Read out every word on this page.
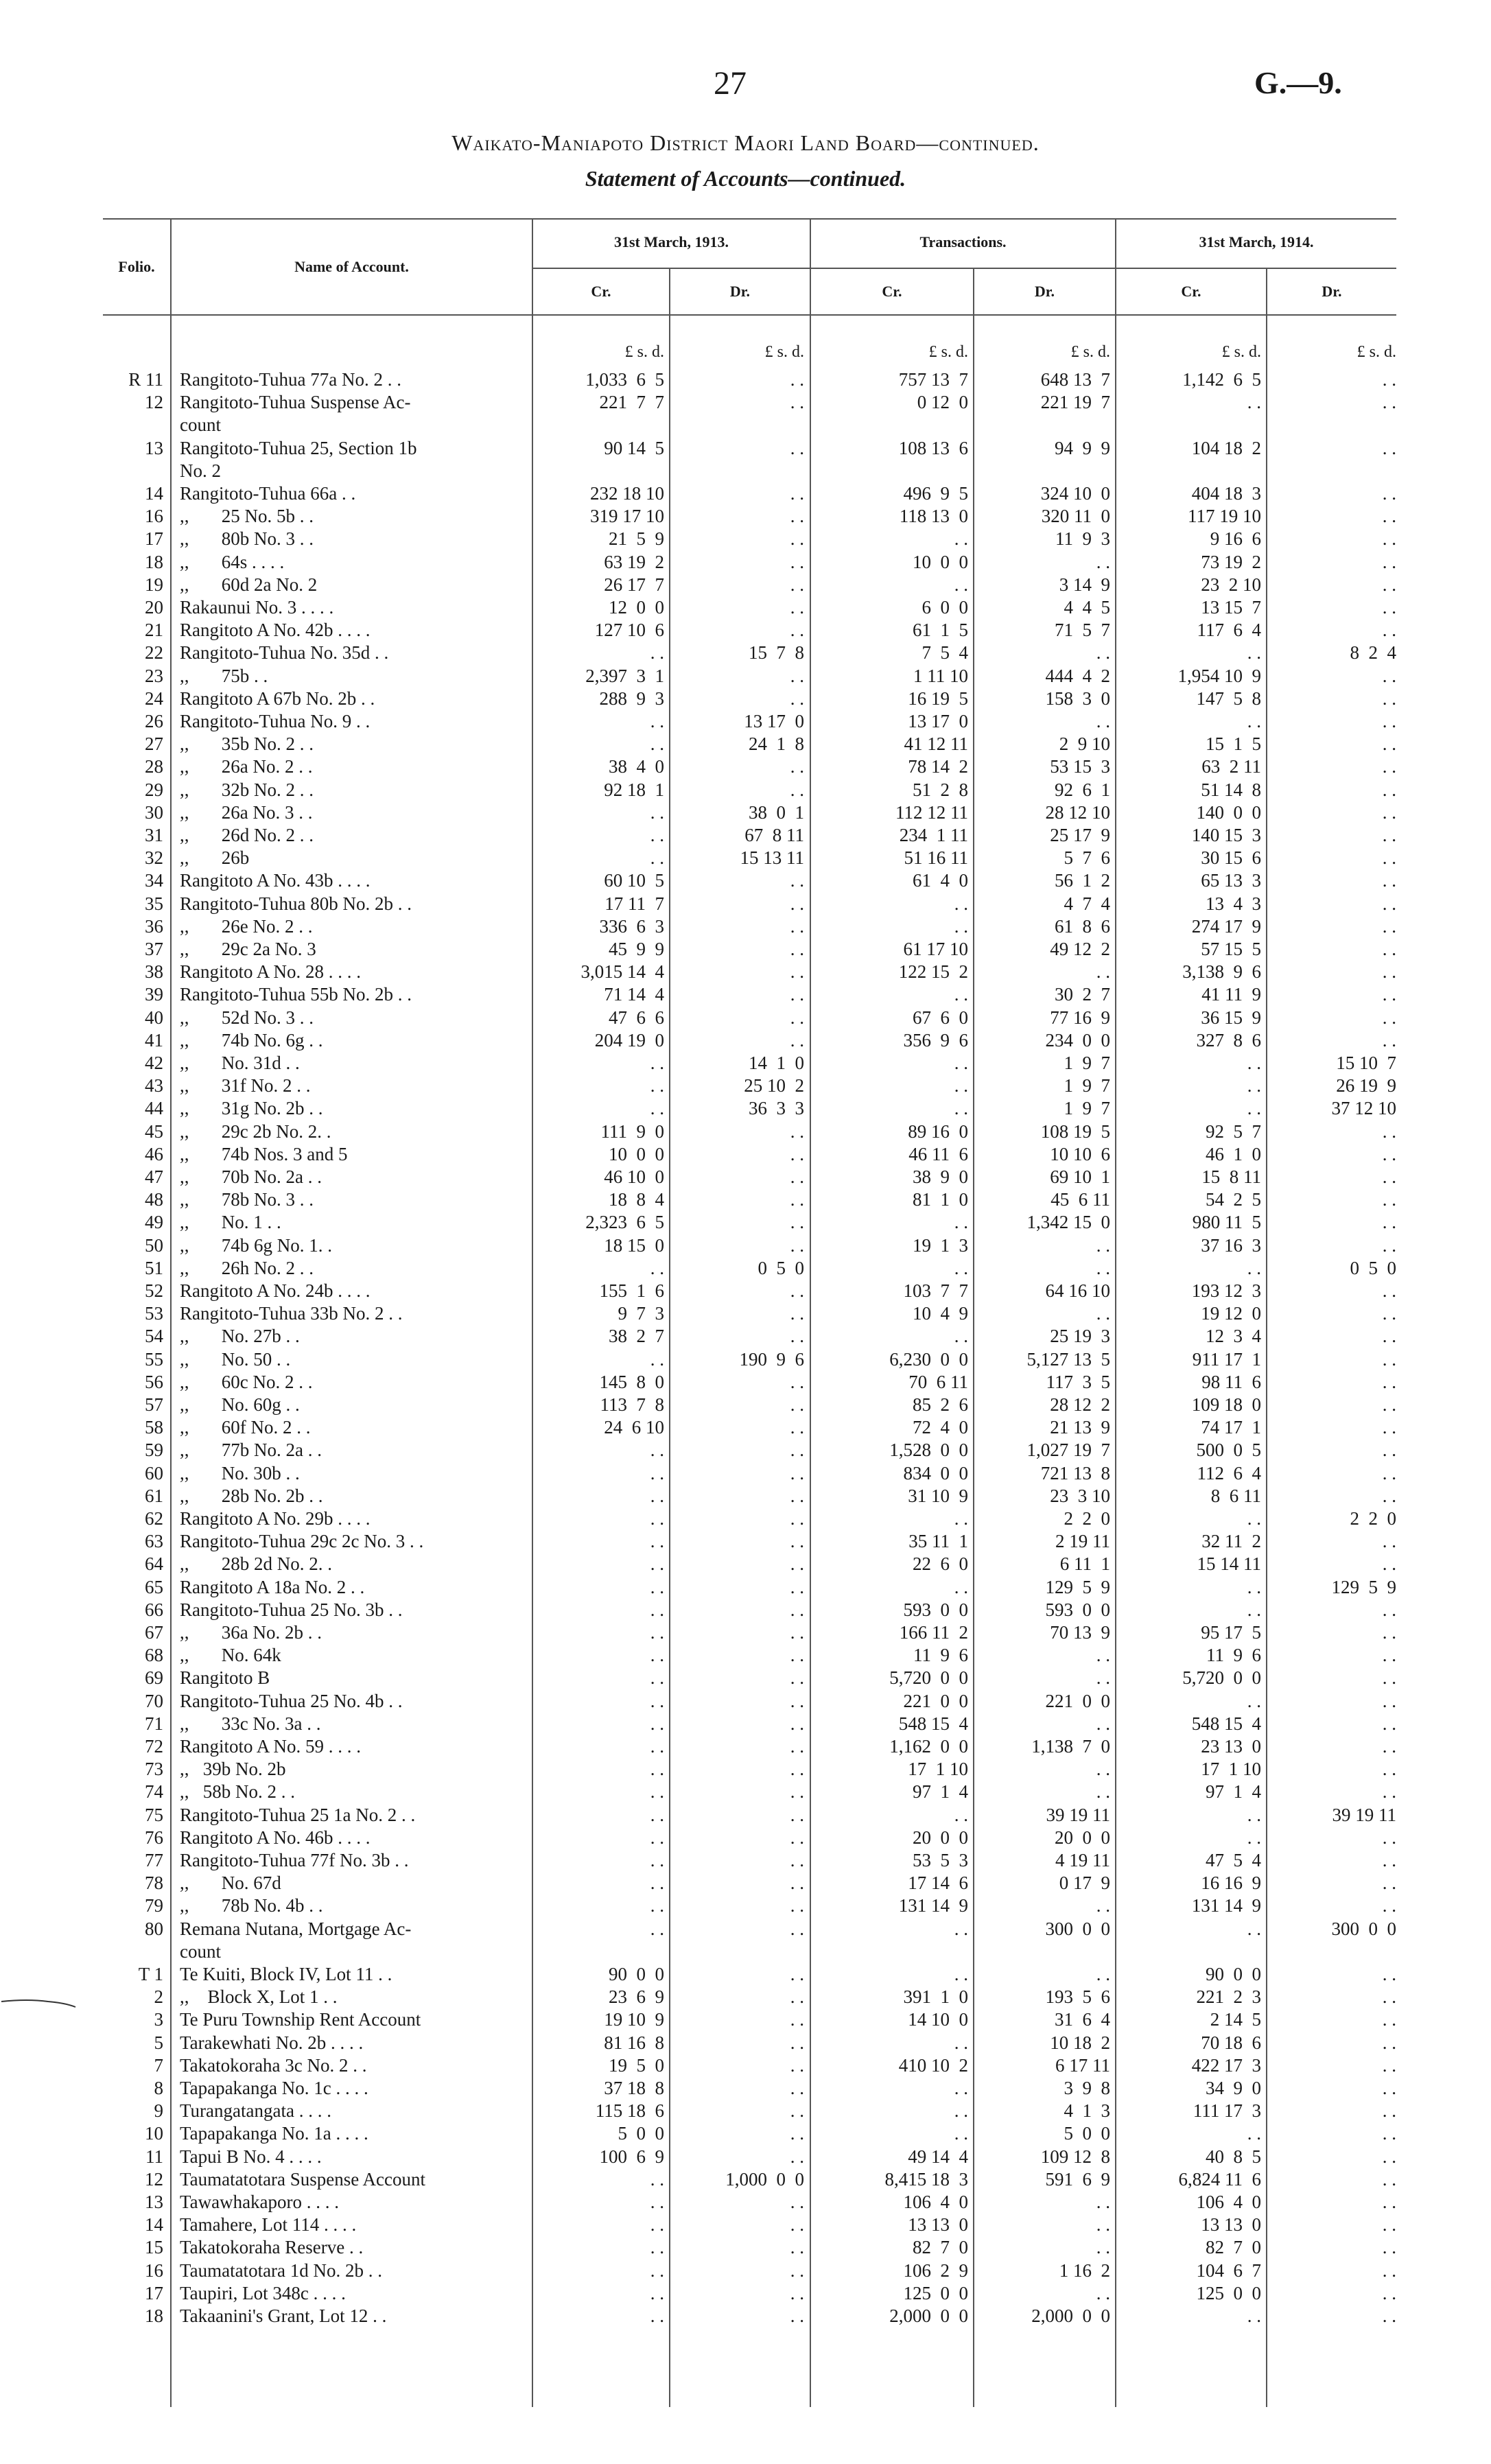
27	G.—9.
Waikato-Maniapoto District Maori Land Board—continued.
Statement of Accounts—continued.
Folio.	Name of Account.
31st March, 1913.	Transactions.	31st March, 1914.
Cr.	Dr.	Cr.	Dr.	Cr.	Dr.
£ s. d.	£ s. d.	£ s. d.	£ s. d.	£ s. d.	£ s. d.
R 11 Rangitoto-Tuhua 77a No. 2 . .	1,033  6  5	. .	757 13  7	648 13  7	1,142  6  5	. .
12 Rangitoto-Tuhua Suspense Ac-	221  7  7	. .	0 12  0	221 19  7	. .	. .
count
13 Rangitoto-Tuhua 25, Section 1b	90 14  5	. .	108 13  6	94  9  9	104 18  2	. .
No. 2
14 Rangitoto-Tuhua 66a . .	232 18 10	. .	496  9  5	324 10  0	404 18  3	. .
16 ,,       25 No. 5b . .	319 17 10	. .	118 13  0	320 11  0	117 19 10	. .
17 ,,       80b No. 3 . .	21  5  9	. .	. .	11  9  3	9 16  6	. .
18 ,,       64s . . . .	63 19  2	. .	10  0  0	. .	73 19  2	. .
19 ,,       60d 2a No. 2	26 17  7	. .	. .	3 14  9	23  2 10	. .
20 Rakaunui No. 3 . . . .	12  0  0	. .	6  0  0	4  4  5	13 15  7	. .
21 Rangitoto A No. 42b . . . .	127 10  6	. .	61  1  5	71  5  7	117  6  4	. .
22 Rangitoto-Tuhua No. 35d . .	. .	15  7  8	7  5  4	. .	. .	8  2  4
23 ,,       75b . .	2,397  3  1	. .	1 11 10	444  4  2	1,954 10  9	. .
24 Rangitoto A 67b No. 2b . .	288  9  3	. .	16 19  5	158  3  0	147  5  8	. .
26 Rangitoto-Tuhua No. 9 . .	. .	13 17  0	13 17  0	. .	. .	. .
27 ,,       35b No. 2 . .	. .	24  1  8	41 12 11	2  9 10	15  1  5	. .
28 ,,       26a No. 2 . .	38  4  0	. .	78 14  2	53 15  3	63  2 11	. .
29 ,,       32b No. 2 . .	92 18  1	. .	51  2  8	92  6  1	51 14  8	. .
30 ,,       26a No. 3 . .	. .	38  0  1	112 12 11	28 12 10	140  0  0	. .
31 ,,       26d No. 2 . .	. .	67  8 11	234  1 11	25 17  9	140 15  3	. .
32 ,,       26b	. .	15 13 11	51 16 11	5  7  6	30 15  6	. .
34 Rangitoto A No. 43b . . . .	60 10  5	. .	61  4  0	56  1  2	65 13  3	. .
35 Rangitoto-Tuhua 80b No. 2b . .	17 11  7	. .	. .	4  7  4	13  4  3	. .
36 ,,       26e No. 2 . .	336  6  3	. .	. .	61  8  6	274 17  9	. .
37 ,,       29c 2a No. 3	45  9  9	. .	61 17 10	49 12  2	57 15  5	. .
38 Rangitoto A No. 28 . . . .	3,015 14  4	. .	122 15  2	. .	3,138  9  6	. .
39 Rangitoto-Tuhua 55b No. 2b . .	71 14  4	. .	. .	30  2  7	41 11  9	. .
40 ,,       52d No. 3 . .	47  6  6	. .	67  6  0	77 16  9	36 15  9	. .
41 ,,       74b No. 6g . .	204 19  0	. .	356  9  6	234  0  0	327  8  6	. .
42 ,,       No. 31d . .	. .	14  1  0	. .	1  9  7	. .	15 10  7
43 ,,       31f No. 2 . .	. .	25 10  2	. .	1  9  7	. .	26 19  9
44 ,,       31g No. 2b . .	. .	36  3  3	. .	1  9  7	. .	37 12 10
45 ,,       29c 2b No. 2. .	111  9  0	. .	89 16  0	108 19  5	92  5  7	. .
46 ,,       74b Nos. 3 and 5	10  0  0	. .	46 11  6	10 10  6	46  1  0	. .
47 ,,       70b No. 2a . .	46 10  0	. .	38  9  0	69 10  1	15  8 11	. .
48 ,,       78b No. 3 . .	18  8  4	. .	81  1  0	45  6 11	54  2  5	. .
49 ,,       No. 1 . .	2,323  6  5	. .	. .	1,342 15  0	980 11  5	. .
50 ,,       74b 6g No. 1. .	18 15  0	. .	19  1  3	. .	37 16  3	. .
51 ,,       26h No. 2 . .	. .	0  5  0	. .	. .	. .	0  5  0
52 Rangitoto A No. 24b . . . .	155  1  6	. .	103  7  7	64 16 10	193 12  3	. .
53 Rangitoto-Tuhua 33b No. 2 . .	9  7  3	. .	10  4  9	. .	19 12  0	. .
54 ,,       No. 27b . .	38  2  7	. .	. .	25 19  3	12  3  4	. .
55 ,,       No. 50 . .	. .	190  9  6	6,230  0  0	5,127 13  5	911 17  1	. .
56 ,,       60c No. 2 . .	145  8  0	. .	70  6 11	117  3  5	98 11  6	. .
57 ,,       No. 60g . .	113  7  8	. .	85  2  6	28 12  2	109 18  0	. .
58 ,,       60f No. 2 . .	24  6 10	. .	72  4  0	21 13  9	74 17  1	. .
59 ,,       77b No. 2a . .	. .	. .	1,528  0  0	1,027 19  7	500  0  5	. .
60 ,,       No. 30b . .	. .	. .	834  0  0	721 13  8	112  6  4	. .
61 ,,       28b No. 2b . .	. .	. .	31 10  9	23  3 10	8  6 11	. .
62 Rangitoto A No. 29b . . . .	. .	. .	. .	2  2  0	. .	2  2  0
63 Rangitoto-Tuhua 29c 2c No. 3 . .	. .	. .	35 11  1	2 19 11	32 11  2	. .
64 ,,       28b 2d No. 2. .	. .	. .	22  6  0	6 11  1	15 14 11	. .
65 Rangitoto A 18a No. 2 . .	. .	. .	. .	129  5  9	. .	129  5  9
66 Rangitoto-Tuhua 25 No. 3b . .	. .	. .	593  0  0	593  0  0	. .	. .
67 ,,       36a No. 2b . .	. .	. .	166 11  2	70 13  9	95 17  5	. .
68 ,,       No. 64k	. .	. .	11  9  6	. .	11  9  6	. .
69 Rangitoto B	. .	. .	5,720  0  0	. .	5,720  0  0	. .
70 Rangitoto-Tuhua 25 No. 4b . .	. .	. .	221  0  0	221  0  0	. .	. .
71 ,,       33c No. 3a . .	. .	. .	548 15  4	. .	548 15  4	. .
72 Rangitoto A No. 59 . . . .	. .	. .	1,162  0  0	1,138  7  0	23 13  0	. .
73 ,,   39b No. 2b	. .	. .	17  1 10	. .	17  1 10	. .
74 ,,   58b No. 2 . .	. .	. .	97  1  4	. .	97  1  4	. .
75 Rangitoto-Tuhua 25 1a No. 2 . .	. .	. .	. .	39 19 11	. .	39 19 11
76 Rangitoto A No. 46b . . . .	. .	. .	20  0  0	20  0  0	. .	. .
77 Rangitoto-Tuhua 77f No. 3b . .	. .	. .	53  5  3	4 19 11	47  5  4	. .
78 ,,       No. 67d	. .	. .	17 14  6	0 17  9	16 16  9	. .
79 ,,       78b No. 4b . .	. .	. .	131 14  9	. .	131 14  9	. .
80 Remana Nutana, Mortgage Ac-	. .	. .	. .	300  0  0	. .	300  0  0
count
T 1 Te Kuiti, Block IV, Lot 11 . .	90  0  0	. .	. .	. .	90  0  0	. .
2 ,,    Block X, Lot 1 . .	23  6  9	. .	391  1  0	193  5  6	221  2  3	. .
3 Te Puru Township Rent Account	19 10  9	. .	14 10  0	31  6  4	2 14  5	. .
5 Tarakewhati No. 2b . . . .	81 16  8	. .	. .	10 18  2	70 18  6	. .
7 Takatokoraha 3c No. 2 . .	19  5  0	. .	410 10  2	6 17 11	422 17  3	. .
8 Tapapakanga No. 1c . . . .	37 18  8	. .	. .	3  9  8	34  9  0	. .
9 Turangatangata . . . .	115 18  6	. .	. .	4  1  3	111 17  3	. .
10 Tapapakanga No. 1a . . . .	5  0  0	. .	. .	5  0  0	. .	. .
11 Tapui B No. 4 . . . .	100  6  9	. .	49 14  4	109 12  8	40  8  5	. .
12 Taumatatotara Suspense Account	. .	1,000  0  0	8,415 18  3	591  6  9	6,824 11  6	. .
13 Tawawhakaporo . . . .	. .	. .	106  4  0	. .	106  4  0	. .
14 Tamahere, Lot 114 . . . .	. .	. .	13 13  0	. .	13 13  0	. .
15 Takatokoraha Reserve . .	. .	. .	82  7  0	. .	82  7  0	. .
16 Taumatatotara 1d No. 2b . .	. .	. .	106  2  9	1 16  2	104  6  7	. .
17 Taupiri, Lot 348c . . . .	. .	. .	125  0  0	. .	125  0  0	. .
18 Takaanini's Grant, Lot 12 . .	. .	. .	2,000  0  0	2,000  0  0	. .	. .
